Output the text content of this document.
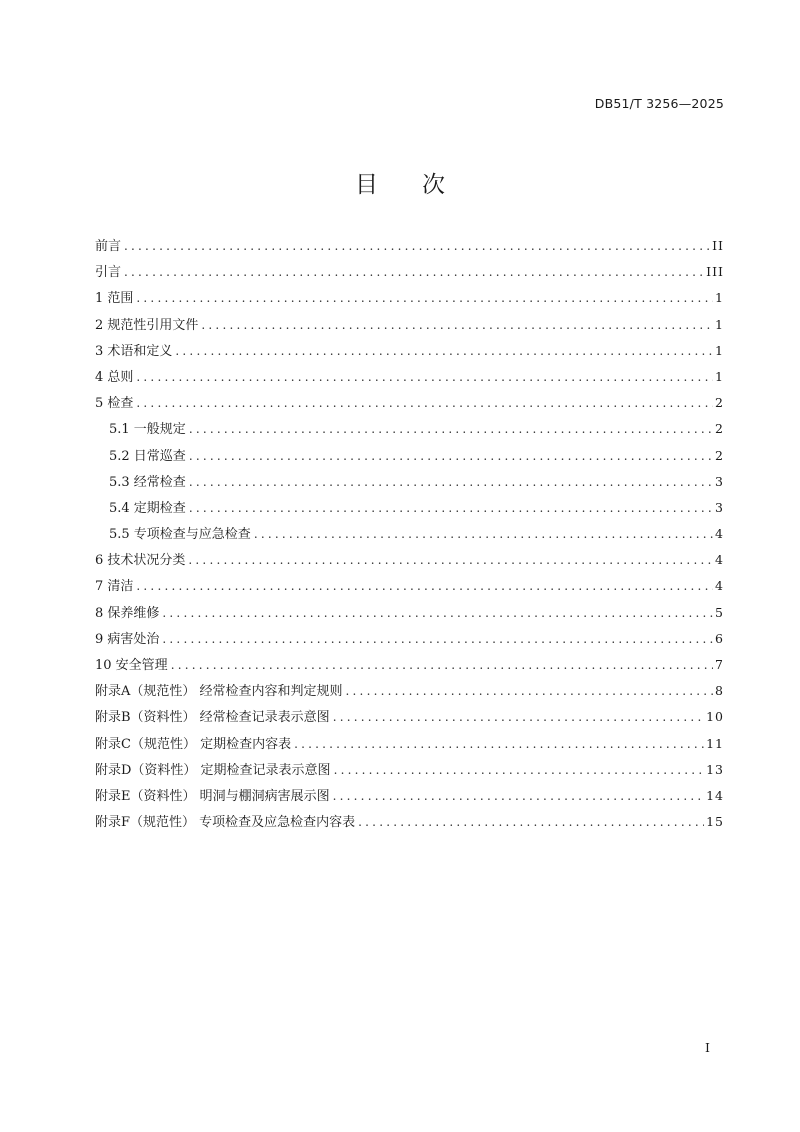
DB51/T 3256—2025
目次
前言 .....	II
引言 .....	III
1 范围 .....	1
2 规范性引用文件 .....	1
3 术语和定义 .....	1
4 总则 .....	1
5 检查 .....	2
5.1 一般规定 .....	2
5.2 日常巡查 .....	2
5.3 经常检查 .....	3
5.4 定期检查 .....	3
5.5 专项检查与应急检查 .....	4
6 技术状况分类 .....	4
7 清洁 .....	4
8 保养维修 .....	5
9 病害处治 .....	6
10 安全管理 .....	7
附录A（规范性） 经常检查内容和判定规则 .....	8
附录B（资料性） 经常检查记录表示意图 .....	10
附录C（规范性） 定期检查内容表 .....	11
附录D（资料性） 定期检查记录表示意图 .....	13
附录E（资料性） 明洞与棚洞病害展示图 .....	14
附录F（规范性） 专项检查及应急检查内容表 .....	15
I
